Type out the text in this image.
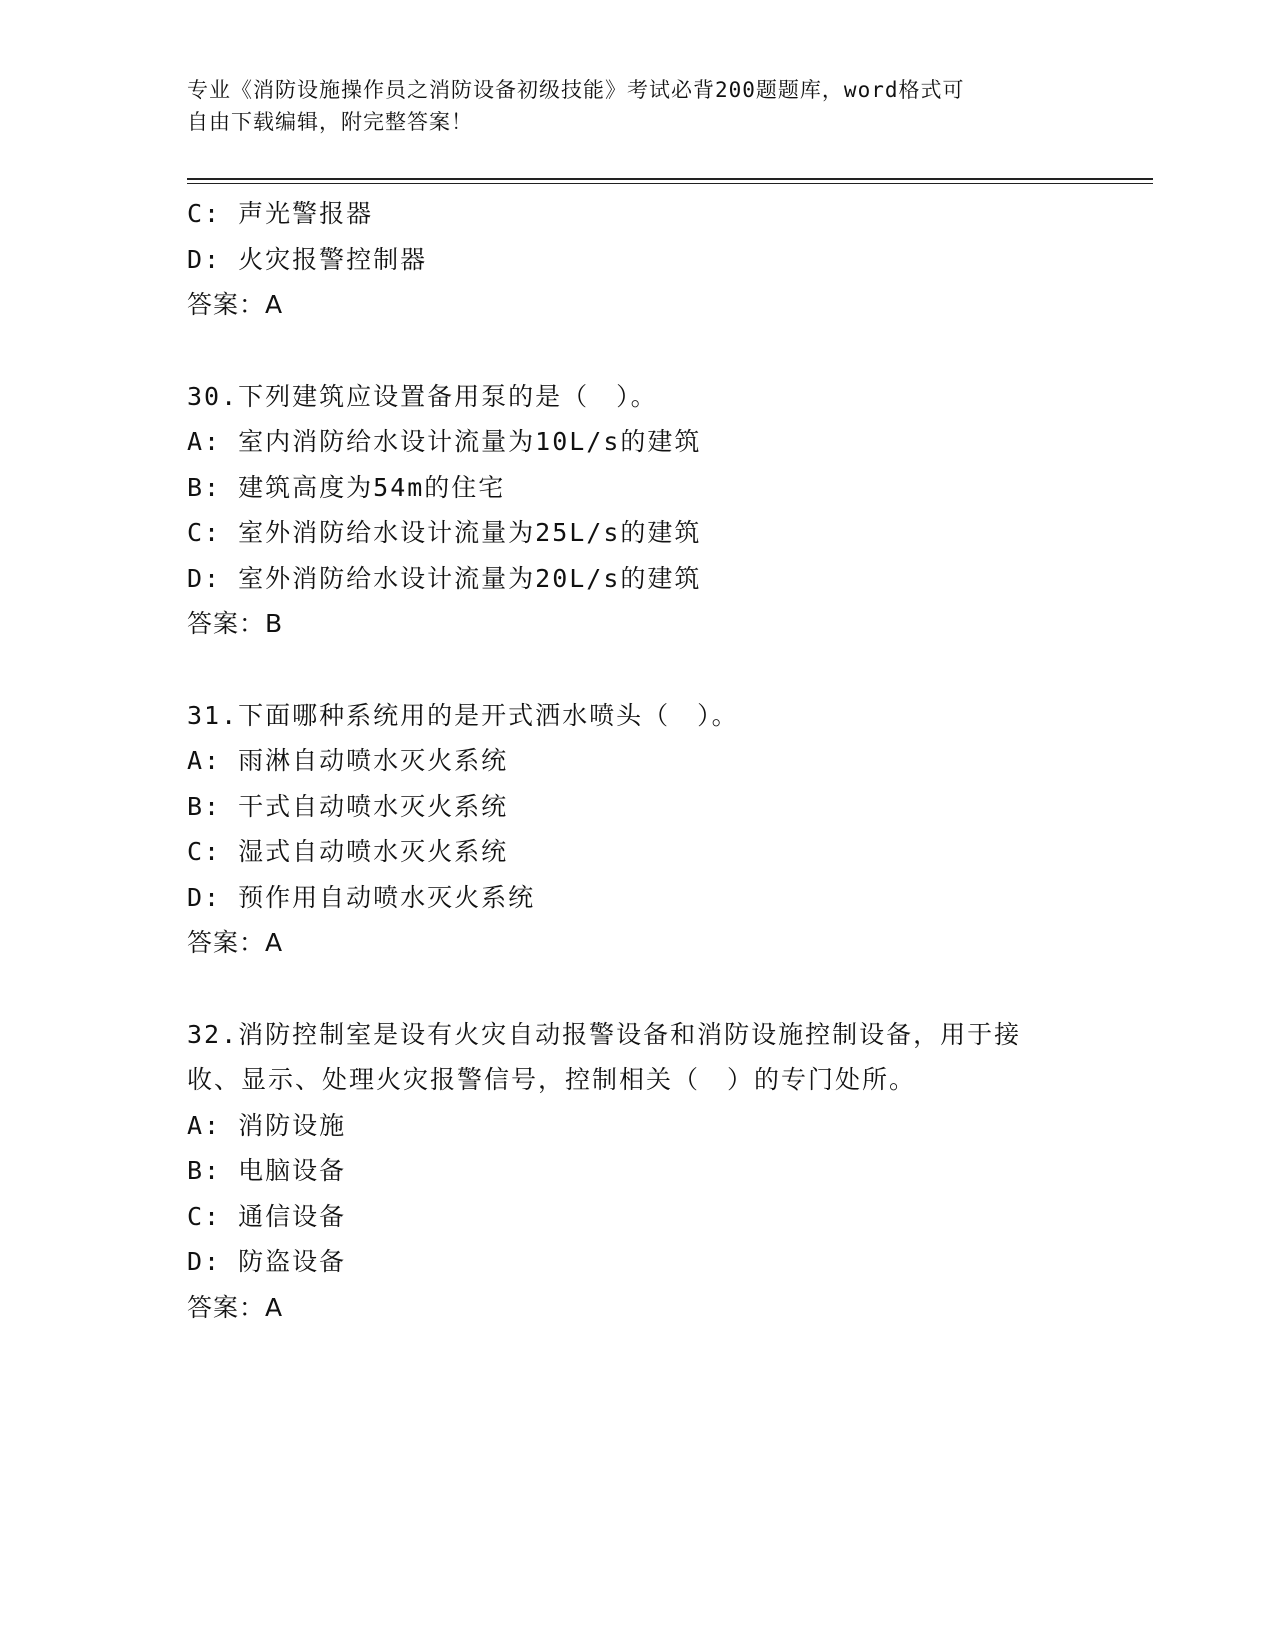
专业《消防设施操作员之消防设备初级技能》考试必背200题题库，word格式可
自由下载编辑，附完整答案！
C: 声光警报器
D: 火灾报警控制器
答案：A
30.下列建筑应设置备用泵的是（　）。
A: 室内消防给水设计流量为10L/s的建筑
B: 建筑高度为54m的住宅
C: 室外消防给水设计流量为25L/s的建筑
D: 室外消防给水设计流量为20L/s的建筑
答案：B
31.下面哪种系统用的是开式洒水喷头（　）。
A: 雨淋自动喷水灭火系统
B: 干式自动喷水灭火系统
C: 湿式自动喷水灭火系统
D: 预作用自动喷水灭火系统
答案：A
32.消防控制室是设有火灾自动报警设备和消防设施控制设备，用于接收、显示、处理火灾报警信号，控制相关（　）的专门处所。
A: 消防设施
B: 电脑设备
C: 通信设备
D: 防盗设备
答案：A
